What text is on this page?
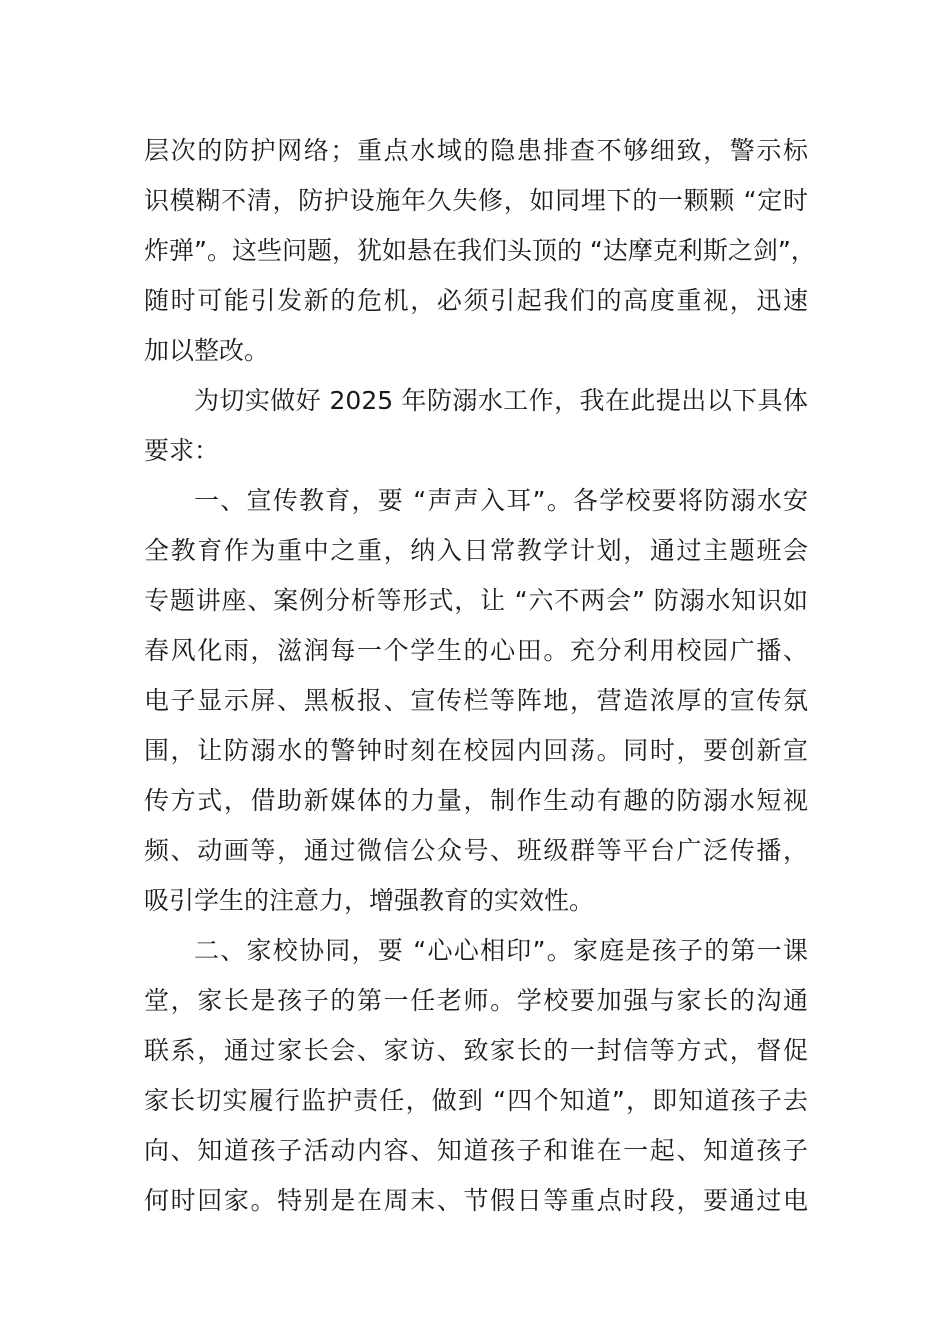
层次的防护网络；重点水域的隐患排查不够细致，警示标
识模糊不清，防护设施年久失修，如同埋下的一颗颗 “定时
炸弹”。这些问题，犹如悬在我们头顶的 “达摩克利斯之剑”，
随时可能引发新的危机，必须引起我们的高度重视，迅速
加以整改。
为切实做好 2025 年防溺水工作，我在此提出以下具体
要求：
一、宣传教育，要 “声声入耳”。各学校要将防溺水安
全教育作为重中之重，纳入日常教学计划，通过主题班会
专题讲座、案例分析等形式，让 “六不两会” 防溺水知识如
春风化雨，滋润每一个学生的心田。充分利用校园广播、
电子显示屏、黑板报、宣传栏等阵地，营造浓厚的宣传氛
围，让防溺水的警钟时刻在校园内回荡。同时，要创新宣
传方式，借助新媒体的力量，制作生动有趣的防溺水短视
频、动画等，通过微信公众号、班级群等平台广泛传播，
吸引学生的注意力，增强教育的实效性。
二、家校协同，要 “心心相印”。家庭是孩子的第一课
堂，家长是孩子的第一任老师。学校要加强与家长的沟通
联系，通过家长会、家访、致家长的一封信等方式，督促
家长切实履行监护责任，做到 “四个知道”，即知道孩子去
向、知道孩子活动内容、知道孩子和谁在一起、知道孩子
何时回家。特别是在周末、节假日等重点时段，要通过电
